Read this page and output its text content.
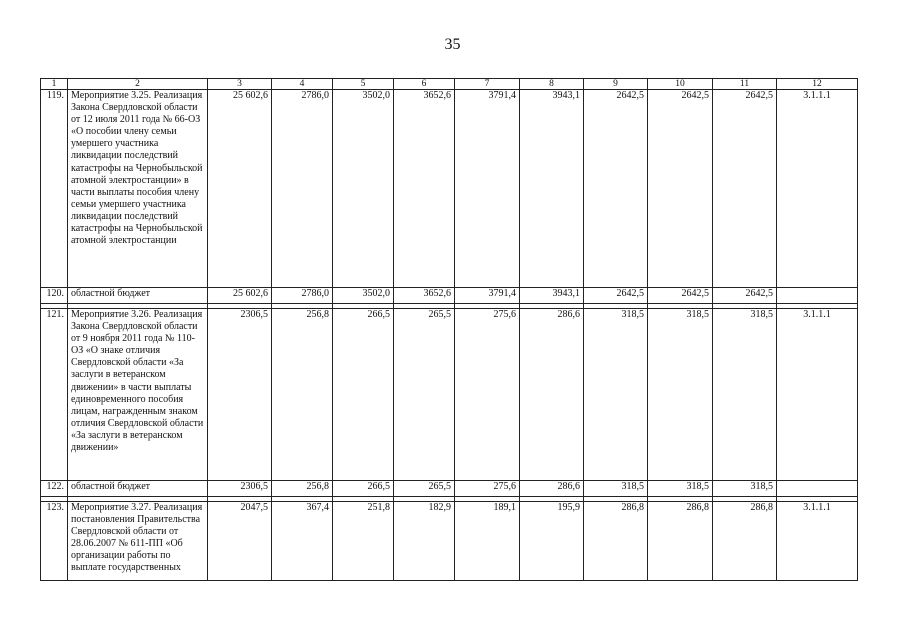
35
1	2	3	4	5	6	7	8	9	10	11	12
119.	Мероприятие 3.25. Реализация Закона Свердловской области от 12 июля 2011 года № 66-ОЗ «О пособии члену семьи умершего участника ликвидации последствий катастрофы на Чернобыльской атомной электростанции» в части выплаты пособия члену семьи умершего участника ликвидации последствий катастрофы на Чернобыльской атомной электростанции	25 602,6	2786,0	3502,0	3652,6	3791,4	3943,1	2642,5	2642,5	2642,5	3.1.1.1
120.	областной бюджет	25 602,6	2786,0	3502,0	3652,6	3791,4	3943,1	2642,5	2642,5	2642,5	

121.	Мероприятие 3.26. Реализация Закона Свердловской области от 9 ноября 2011 года № 110-ОЗ «О знаке отличия Свердловской области «За заслуги в ветеранском движении» в части выплаты единовременного пособия лицам, награжденным знаком отличия Свердловской области «За заслуги в ветеранском движении»	2306,5	256,8	266,5	265,5	275,6	286,6	318,5	318,5	318,5	3.1.1.1
122.	областной бюджет	2306,5	256,8	266,5	265,5	275,6	286,6	318,5	318,5	318,5	

123.	Мероприятие 3.27. Реализация постановления Правительства Свердловской области от 28.06.2007 № 611-ПП «Об организации работы по выплате государственных	2047,5	367,4	251,8	182,9	189,1	195,9	286,8	286,8	286,8	3.1.1.1
